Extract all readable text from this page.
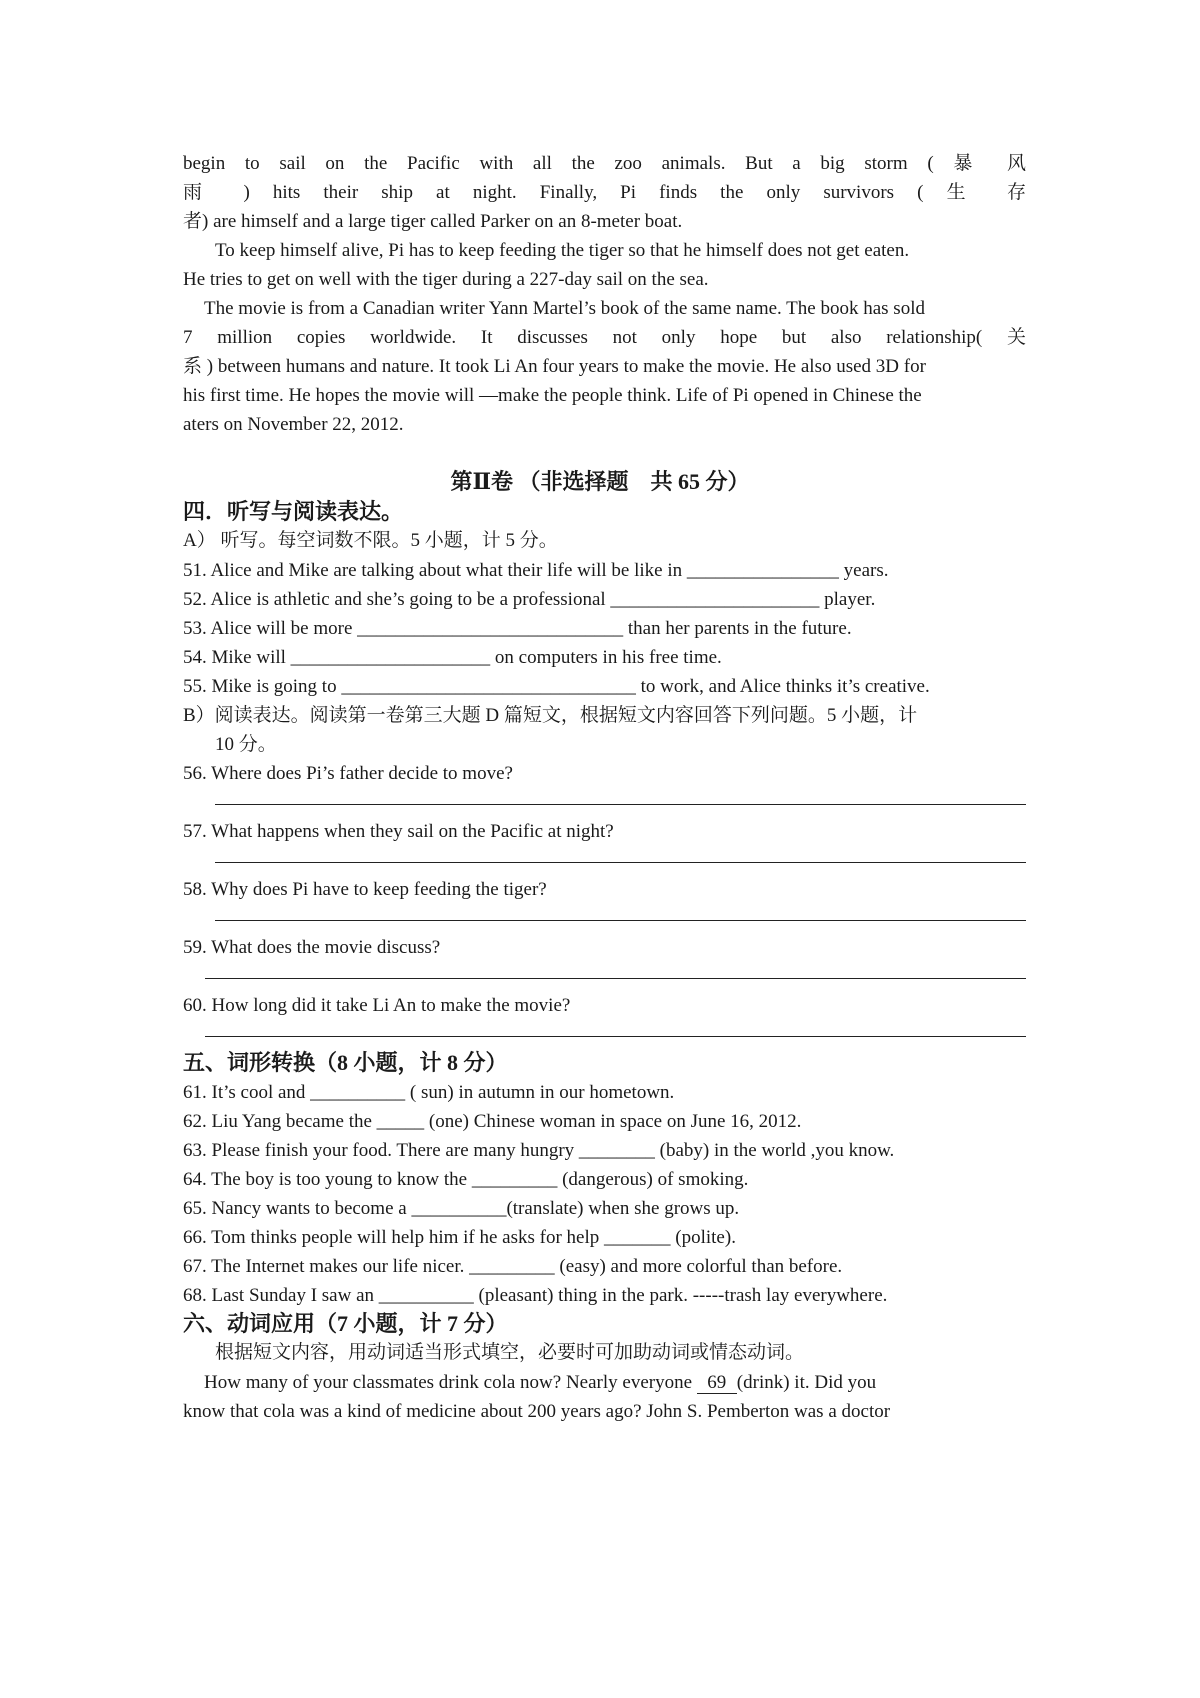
begin to sail on the Pacific with all the zoo animals. But a big storm ( 暴 风
雨 ) hits their ship at night. Finally, Pi finds the only survivors ( 生 存
者) are himself and a large tiger called Parker on an 8-meter boat.
To keep himself alive, Pi has to keep feeding the tiger so that he himself does not get eaten.
He tries to get on well with the tiger during a 227-day sail on the sea.
The movie is from a Canadian writer Yann Martel’s book of the same name. The book has sold
7 million copies worldwide. It discusses not only hope but also relationship( 关
系 ) between humans and nature. It took Li An four years to make the movie. He also used 3D for
his first time. He hopes the movie will ―make the people think. Life of Pi opened in Chinese the
aters on November 22, 2012.
第Ⅱ卷 （非选择题　共 65 分）
四．听写与阅读表达。
A） 听写。每空词数不限。5 小题，计 5 分。
51. Alice and Mike are talking about what their life will be like in ________________ years.
52. Alice is athletic and she’s going to be a professional ______________________ player.
53. Alice will be more ____________________________ than her parents in the future.
54. Mike will _____________________ on computers in his free time.
55. Mike is going to _______________________________ to work, and Alice thinks it’s creative.
B）阅读表达。阅读第一卷第三大题 D 篇短文，根据短文内容回答下列问题。5 小题，计
10 分。
56. Where does Pi’s father decide to move?
57. What happens when they sail on the Pacific at night?
58. Why does Pi have to keep feeding the tiger?
59. What does the movie discuss?
60. How long did it take Li An to make the movie?
五、词形转换（8 小题，计 8 分）
61. It’s cool and __________ ( sun) in autumn in our hometown.
62. Liu Yang became the _____ (one) Chinese woman in space on June 16, 2012.
63. Please finish your food. There are many hungry ________ (baby) in the world ,you know.
64. The boy is too young to know the _________ (dangerous) of smoking.
65. Nancy wants to become a __________(translate) when she grows up.
66. Tom thinks people will help him if he asks for help _______ (polite).
67. The Internet makes our life nicer. _________ (easy) and more colorful than before.
68. Last Sunday I saw an __________ (pleasant) thing in the park. -----trash lay everywhere.
六、动词应用（7 小题，计 7 分）
根据短文内容，用动词适当形式填空，必要时可加助动词或情态动词。
How many of your classmates drink cola now? Nearly everyone 69 (drink) it. Did you
know that cola was a kind of medicine about 200 years ago? John S. Pemberton was a doctor
